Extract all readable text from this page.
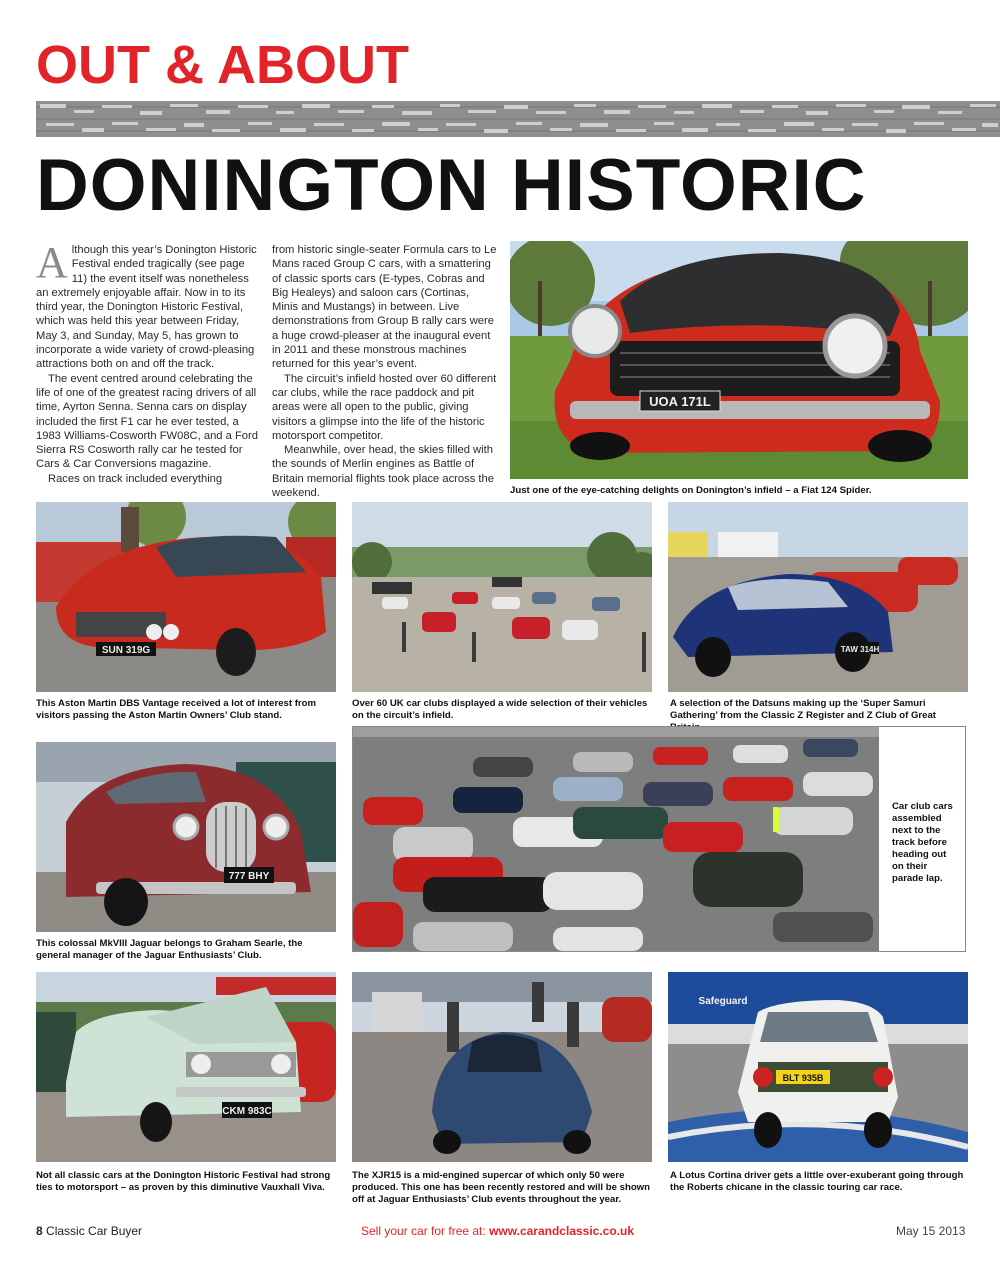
OUT & ABOUT
DONINGTON HISTORIC

Although this year’s Donington Historic Festival ended tragically (see page 11) the event itself was nonetheless an extremely enjoyable affair. Now in to its third year, the Donington Historic Festival, which was held this year between Friday, May 3, and Sunday, May 5, has grown to incorporate a wide variety of crowd-pleasing attractions both on and off the track.

The event centred around celebrating the life of one of the greatest racing drivers of all time, Ayrton Senna. Senna cars on display included the first F1 car he ever tested, a 1983 Williams-Cosworth FW08C, and a Ford Sierra RS Cosworth rally car he tested for Cars & Car Conversions magazine.

Races on track included everything

from historic single-seater Formula cars to Le Mans raced Group C cars, with a smattering of classic sports cars (E-types, Cobras and Big Healeys) and saloon cars (Cortinas, Minis and Mustangs) in between. Live demonstrations from Group B rally cars were a huge crowd-pleaser at the inaugural event in 2011 and these monstrous machines returned for this year’s event.

The circuit’s infield hosted over 60 different car clubs, while the race paddock and pit areas were all open to the public, giving visitors a glimpse into the life of the historic motorsport competitor.

Meanwhile, over head, the skies filled with the sounds of Merlin engines as Battle of Britain memorial flights took place across the weekend.

UOA 171L
Just one of the eye-catching delights on Donington’s infield – a Fiat 124 Spider.
SUN 319G	TAW 314H
This Aston Martin DBS Vantage received a lot of interest from visitors passing the Aston Martin Owners’ Club stand.
Over 60 UK car clubs displayed a wide selection of their vehicles on the circuit’s infield.
A selection of the Datsuns making up the ‘Super Samuri Gathering’ from the Classic Z Register and Z Club of Great
777 BHY
This colossal MkVIII Jaguar belongs to Graham Searle, the general manager of the Jaguar Enthusiasts’ Club.
Car club cars assembled next to the track before heading out on their parade lap.
CKM 983C
Safeguard
BLT 935B
Not all classic cars at the Donington Historic Festival had strong ties to motorsport – as proven by this diminutive Vauxhall Viva.
The XJR15 is a mid-engined supercar of which only 50 were produced. This one has been recently restored and will be shown off at Jaguar Enthusiasts’ Club events throughout the year.
A Lotus Cortina driver gets a little over-exuberant going through the Roberts chicane in the classic touring car race.
8 Classic Car Buyer	Sell your car for free at: www.carandclassic.co.uk	May 15 2013
